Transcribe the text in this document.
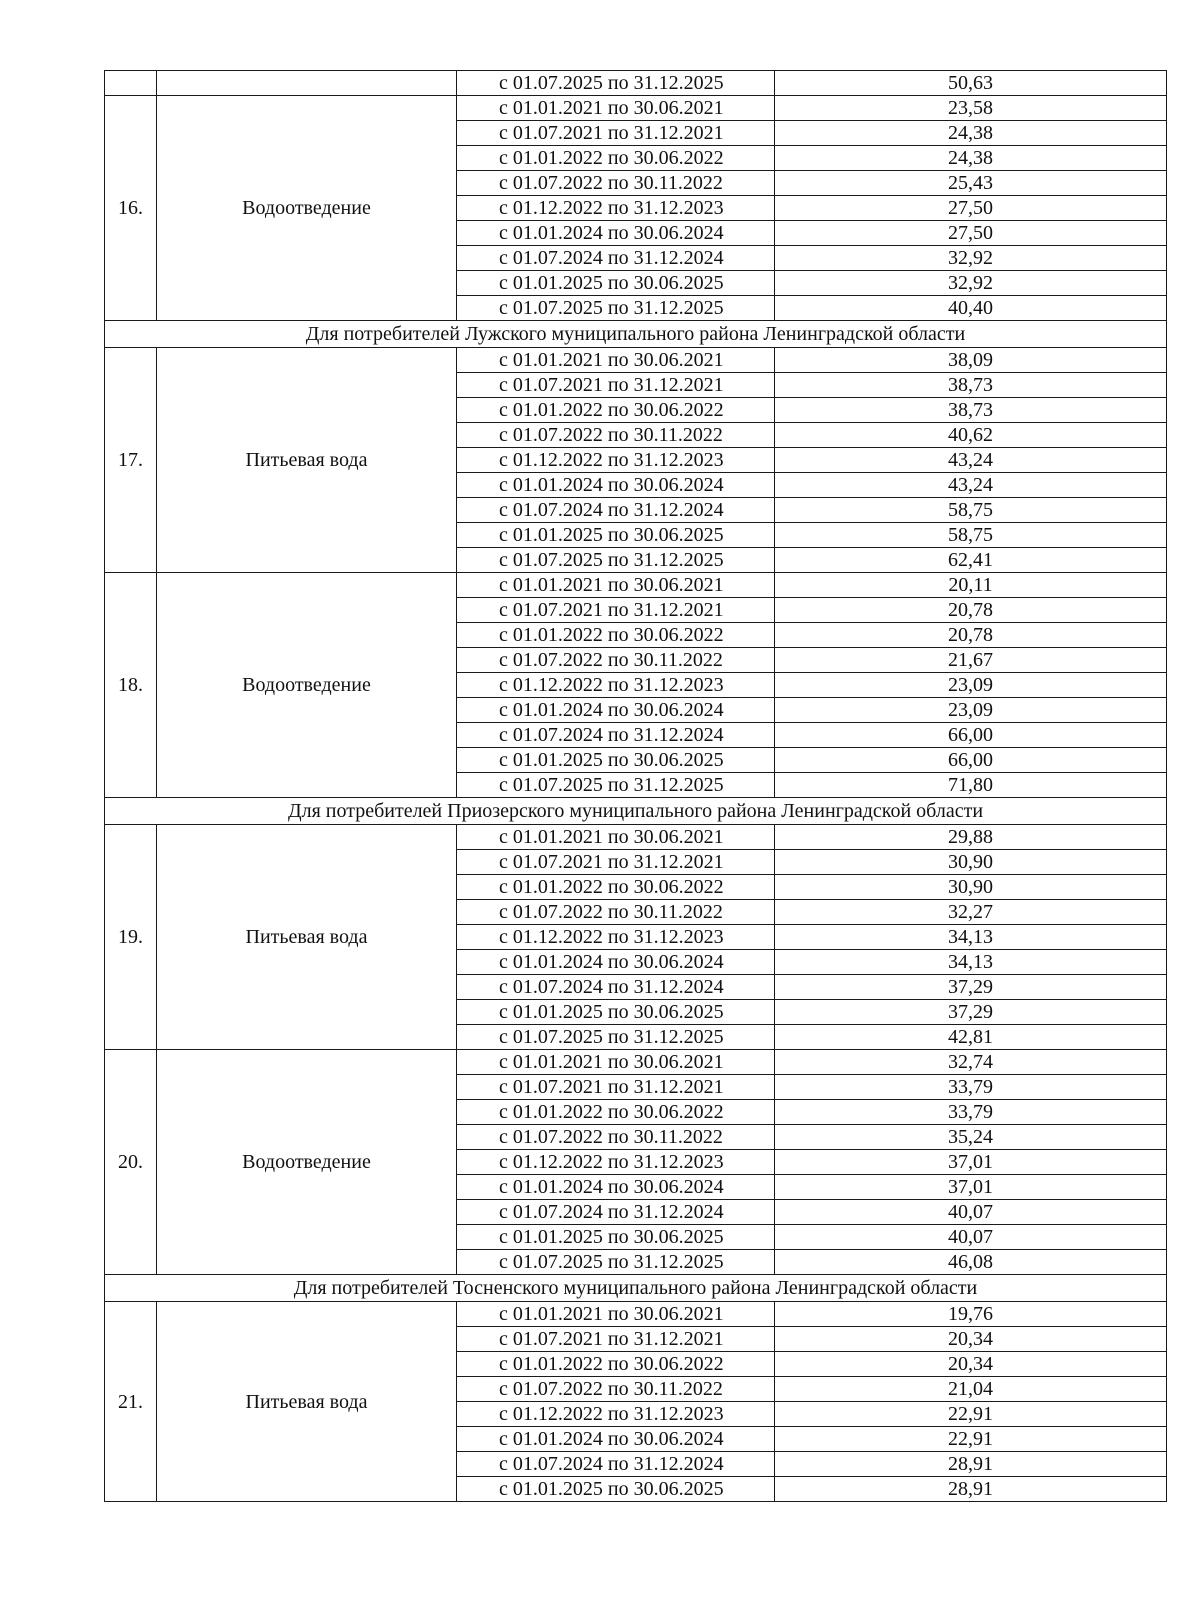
		с 01.07.2025 по 31.12.2025	50,63
16.	Водоотведение	с 01.01.2021 по 30.06.2021	23,58
		с 01.07.2021 по 31.12.2021	24,38
		с 01.01.2022 по 30.06.2022	24,38
		с 01.07.2022 по 30.11.2022	25,43
		с 01.12.2022 по 31.12.2023	27,50
		с 01.01.2024 по 30.06.2024	27,50
		с 01.07.2024 по 31.12.2024	32,92
		с 01.01.2025 по 30.06.2025	32,92
		с 01.07.2025 по 31.12.2025	40,40
Для потребителей Лужского муниципального района Ленинградской области			
17.	Питьевая вода	с 01.01.2021 по 30.06.2021	38,09
		с 01.07.2021 по 31.12.2021	38,73
		с 01.01.2022 по 30.06.2022	38,73
		с 01.07.2022 по 30.11.2022	40,62
		с 01.12.2022 по 31.12.2023	43,24
		с 01.01.2024 по 30.06.2024	43,24
		с 01.07.2024 по 31.12.2024	58,75
		с 01.01.2025 по 30.06.2025	58,75
		с 01.07.2025 по 31.12.2025	62,41
18.	Водоотведение	с 01.01.2021 по 30.06.2021	20,11
		с 01.07.2021 по 31.12.2021	20,78
		с 01.01.2022 по 30.06.2022	20,78
		с 01.07.2022 по 30.11.2022	21,67
		с 01.12.2022 по 31.12.2023	23,09
		с 01.01.2024 по 30.06.2024	23,09
		с 01.07.2024 по 31.12.2024	66,00
		с 01.01.2025 по 30.06.2025	66,00
		с 01.07.2025 по 31.12.2025	71,80
Для потребителей Приозерского муниципального района Ленинградской области			
19.	Питьевая вода	с 01.01.2021 по 30.06.2021	29,88
		с 01.07.2021 по 31.12.2021	30,90
		с 01.01.2022 по 30.06.2022	30,90
		с 01.07.2022 по 30.11.2022	32,27
		с 01.12.2022 по 31.12.2023	34,13
		с 01.01.2024 по 30.06.2024	34,13
		с 01.07.2024 по 31.12.2024	37,29
		с 01.01.2025 по 30.06.2025	37,29
		с 01.07.2025 по 31.12.2025	42,81
20.	Водоотведение	с 01.01.2021 по 30.06.2021	32,74
		с 01.07.2021 по 31.12.2021	33,79
		с 01.01.2022 по 30.06.2022	33,79
		с 01.07.2022 по 30.11.2022	35,24
		с 01.12.2022 по 31.12.2023	37,01
		с 01.01.2024 по 30.06.2024	37,01
		с 01.07.2024 по 31.12.2024	40,07
		с 01.01.2025 по 30.06.2025	40,07
		с 01.07.2025 по 31.12.2025	46,08
Для потребителей Тосненского муниципального района Ленинградской области			
21.	Питьевая вода	с 01.01.2021 по 30.06.2021	19,76
		с 01.07.2021 по 31.12.2021	20,34
		с 01.01.2022 по 30.06.2022	20,34
		с 01.07.2022 по 30.11.2022	21,04
		с 01.12.2022 по 31.12.2023	22,91
		с 01.01.2024 по 30.06.2024	22,91
		с 01.07.2024 по 31.12.2024	28,91
		с 01.01.2025 по 30.06.2025	28,91
